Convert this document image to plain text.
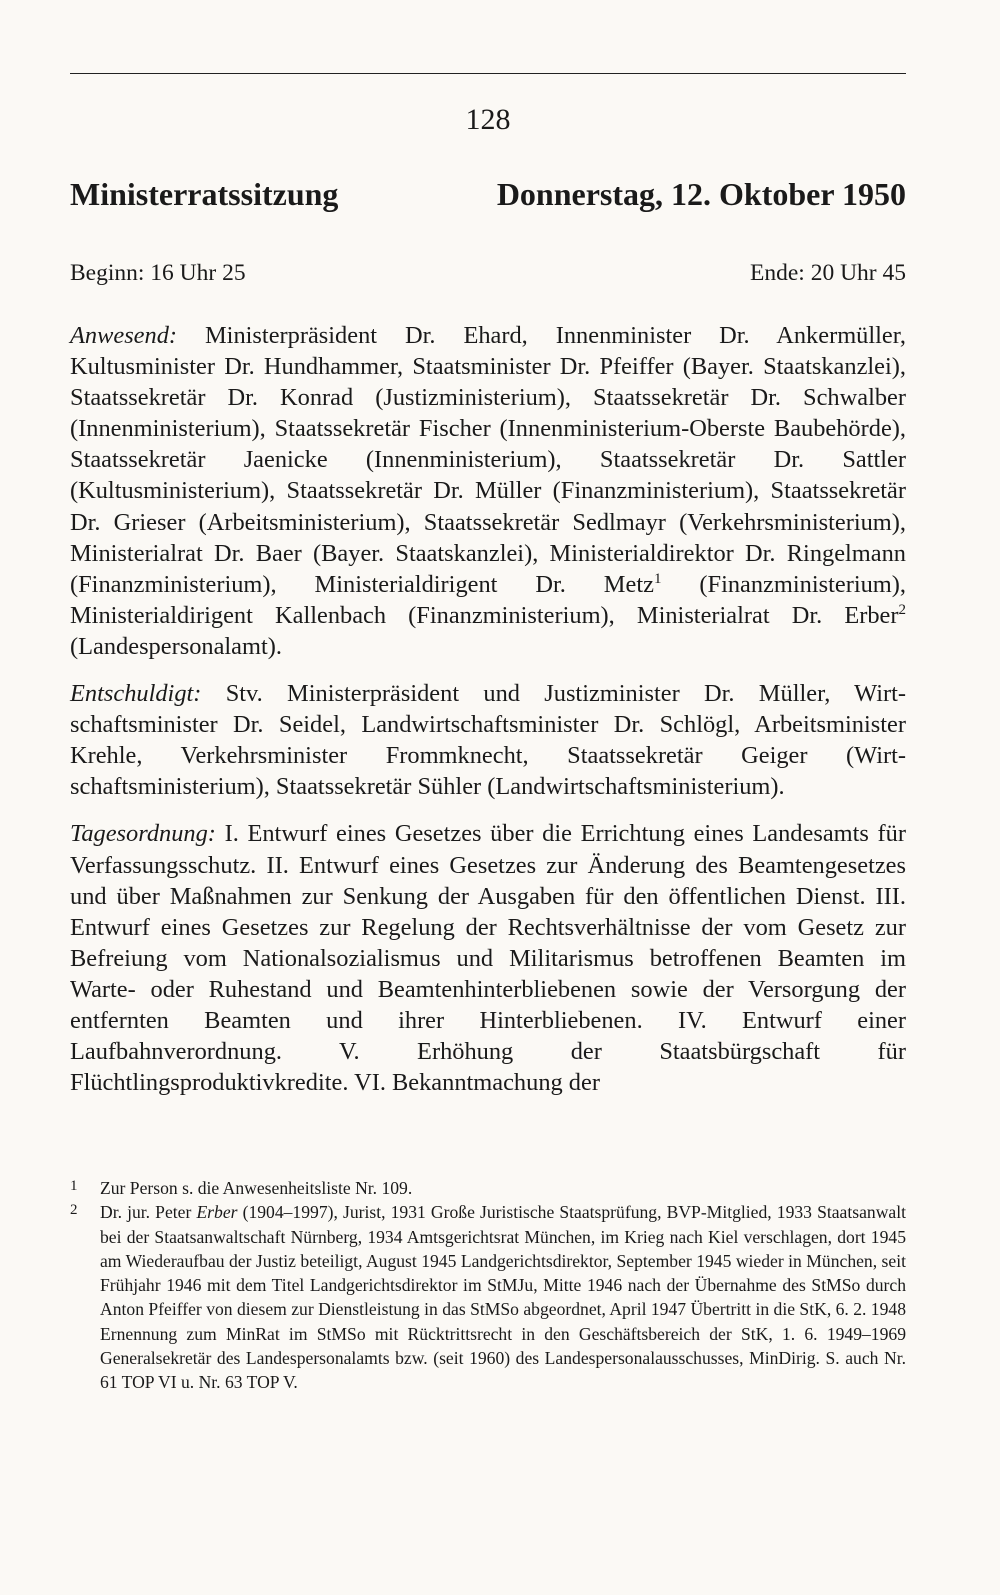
128
Ministerratssitzung	Donnerstag, 12. Oktober 1950
Beginn: 16 Uhr 25	Ende: 20 Uhr 45

Anwesend: Ministerpräsident Dr. Ehard, Innenminister Dr. Ankermüller, Kultusminister Dr. Hundhammer, Staatsminister Dr. Pfeiffer (Bayer. Staatskanzlei), Staatssekretär Dr. Konrad (Justizministerium), Staatssekretär Dr. Schwalber (Innenministerium), Staatssekretär Fischer (Innenministerium-Oberste Baubehörde), Staatssekretär Jaenicke (Innenministerium), Staatssekretär Dr. Sattler (Kultusministerium), Staatssekretär Dr. Müller (Finanzministerium), Staatssekretär Dr. Grieser (Arbeitsministerium), Staatssekretär Sedlmayr (Verkehrsministerium), Ministerialrat Dr. Baer (Bayer. Staatskanzlei), Ministerialdirektor Dr. Ringelmann (Finanzministerium), Ministerialdirigent Dr. Metz$^1$ (Finanzministerium), Ministerialdirigent Kallenbach (Finanzministerium), Ministerialrat Dr. Erber$^2$ (Landespersonalamt).

Entschuldigt: Stv. Ministerpräsident und Justizminister Dr. Müller, Wirtschaftsminister Dr. Seidel, Landwirtschaftsminister Dr. Schlögl, Arbeitsminister Krehle, Verkehrsminister Frommknecht, Staatssekretär Geiger (Wirtschaftsministerium), Staatssekretär Sühler (Landwirtschaftsministerium).

Tagesordnung: I. Entwurf eines Gesetzes über die Errichtung eines Landesamts für Verfassungsschutz. II. Entwurf eines Gesetzes zur Änderung des Beamtengesetzes und über Maßnahmen zur Senkung der Ausgaben für den öffentlichen Dienst. III. Entwurf eines Gesetzes zur Regelung der Rechtsverhältnisse der vom Gesetz zur Befreiung vom Nationalsozialismus und Militarismus betroffenen Beamten im Warte- oder Ruhestand und Beamtenhinterbliebenen sowie der Versorgung der entfernten Beamten und ihrer Hinterbliebenen. IV. Entwurf einer Laufbahnverordnung. V. Erhöhung der Staatsbürgschaft für Flüchtlingsproduktivkredite. VI. Bekanntmachung der

1	Zur Person s. die Anwesenheitsliste Nr. 109.
2	Dr. jur. Peter Erber (1904–1997), Jurist, 1931 Große Juristische Staatsprüfung, BVP-Mitglied, 1933 Staatsanwalt bei der Staatsanwaltschaft Nürnberg, 1934 Amtsgerichtsrat München, im Krieg nach Kiel verschlagen, dort 1945 am Wiederaufbau der Justiz beteiligt, August 1945 Landgerichtsdirektor, September 1945 wieder in München, seit Frühjahr 1946 mit dem Titel Landgerichtsdirektor im StMJu, Mitte 1946 nach der Übernahme des StMSo durch Anton Pfeiffer von diesem zur Dienstleistung in das StMSo abgeordnet, April 1947 Übertritt in die StK, 6. 2. 1948 Ernennung zum MinRat im StMSo mit Rücktrittsrecht in den Geschäftsbereich der StK, 1. 6. 1949–1969 Generalsekretär des Landespersonalamts bzw. (seit 1960) des Landespersonalausschusses, MinDirig. S. auch Nr. 61 TOP VI u. Nr. 63 TOP V.
